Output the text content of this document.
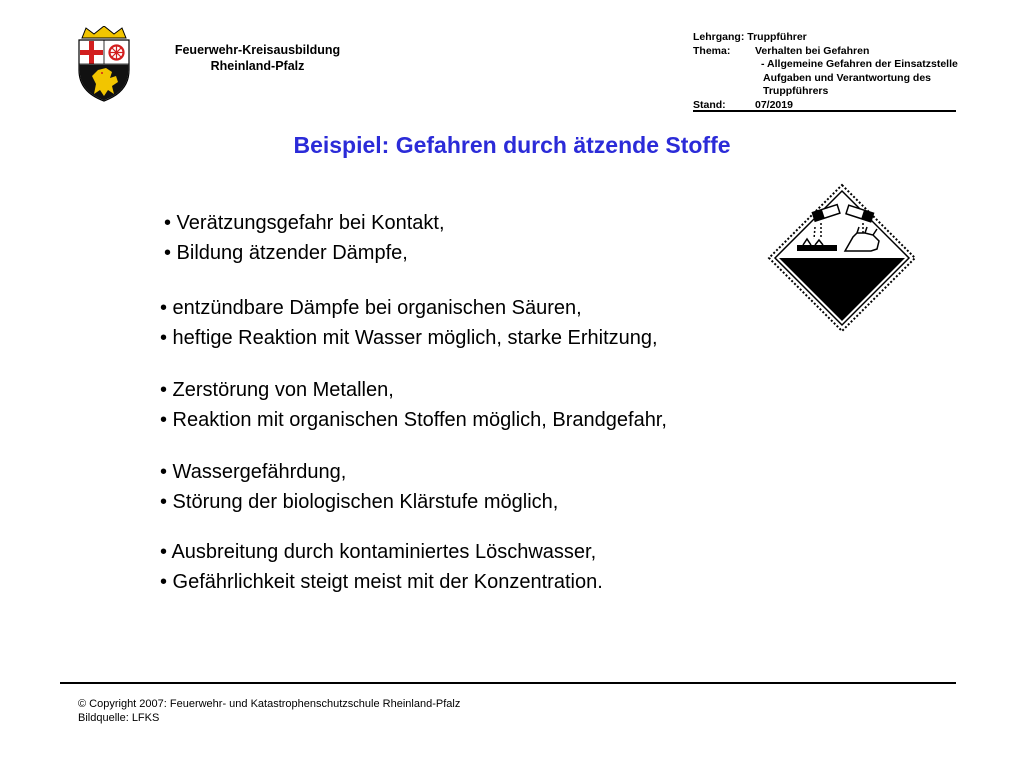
Feuerwehr-Kreisausbildung
Rheinland-Pfalz
Lehrgang:
Truppführer
Thema:	Verhalten bei Gefahren
- Allgemeine Gefahren der Einsatzstelle
Aufgaben und Verantwortung des
Truppführers
Stand:	07/2019
Beispiel: Gefahren durch ätzende Stoffe
• Verätzungsgefahr bei Kontakt,
• Bildung ätzender Dämpfe,
• entzündbare Dämpfe bei organischen Säuren,
• heftige Reaktion mit Wasser möglich, starke Erhitzung,
• Zerstörung von Metallen,
• Reaktion mit organischen Stoffen möglich, Brandgefahr,
• Wassergefährdung,
• Störung der biologischen Klärstufe möglich,
• Ausbreitung durch kontaminiertes Löschwasser,
• Gefährlichkeit steigt meist mit der Konzentration.
© Copyright 2007: Feuerwehr- und Katastrophenschutzschule Rheinland-Pfalz
Bildquelle: LFKS
